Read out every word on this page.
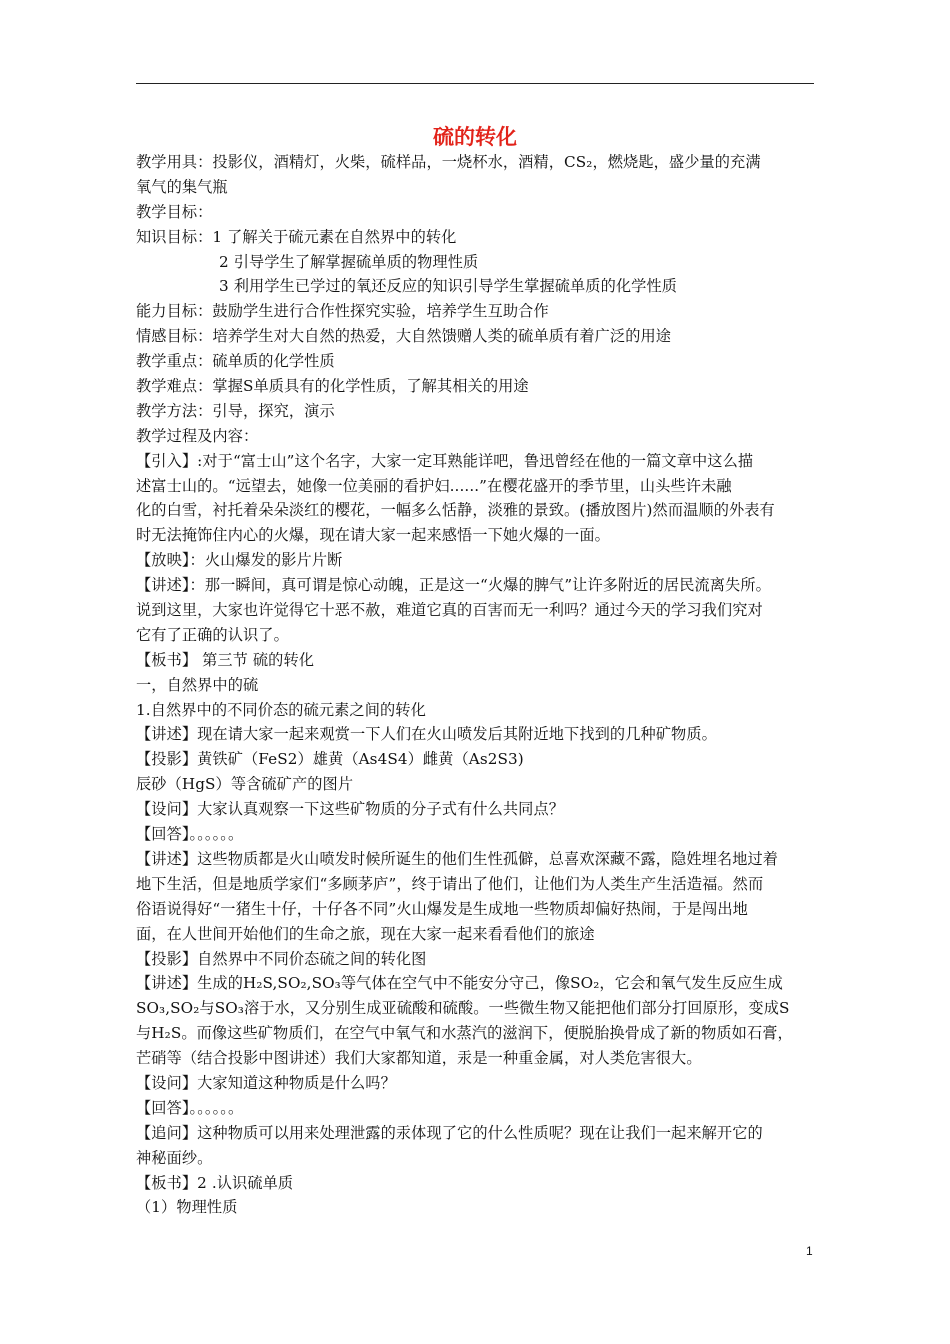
硫的转化
教学用具：投影仪，酒精灯，火柴，硫样品，一烧杯水，酒精，CS₂，燃烧匙，盛少量的充满
氧气的集气瓶
教学目标：
知识目标：1 了解关于硫元素在自然界中的转化
2 引导学生了解掌握硫单质的物理性质
3 利用学生已学过的氧还反应的知识引导学生掌握硫单质的化学性质
能力目标：鼓励学生进行合作性探究实验，培养学生互助合作
情感目标：培养学生对大自然的热爱，大自然馈赠人类的硫单质有着广泛的用途
教学重点：硫单质的化学性质
教学难点：掌握S单质具有的化学性质，了解其相关的用途
教学方法：引导，探究，演示
教学过程及内容：
【引入】:对于“富士山”这个名字，大家一定耳熟能详吧，鲁迅曾经在他的一篇文章中这么描
述富士山的。“远望去，她像一位美丽的看护妇......”在樱花盛开的季节里，山头些许未融
化的白雪，衬托着朵朵淡红的樱花，一幅多么恬静，淡雅的景致。(播放图片)然而温顺的外表有
时无法掩饰住内心的火爆，现在请大家一起来感悟一下她火爆的一面。
【放映】：火山爆发的影片片断
【讲述】：那一瞬间，真可谓是惊心动魄，正是这一“火爆的脾气”让许多附近的居民流离失所。
说到这里，大家也许觉得它十恶不赦，难道它真的百害而无一利吗？通过今天的学习我们究对
它有了正确的认识了。
【板书】 第三节 硫的转化
一，自然界中的硫
1.自然界中的不同价态的硫元素之间的转化
【讲述】现在请大家一起来观赏一下人们在火山喷发后其附近地下找到的几种矿物质。
【投影】黄铁矿（FeS2）雄黄（As4S4）雌黄（As2S3)
辰砂（HgS）等含硫矿产的图片
【设问】大家认真观察一下这些矿物质的分子式有什么共同点？
【回答】。。。。。。
【讲述】这些物质都是火山喷发时候所诞生的他们生性孤僻，总喜欢深藏不露，隐姓埋名地过着
地下生活，但是地质学家们“多顾茅庐”，终于请出了他们，让他们为人类生产生活造福。然而
俗语说得好“一猪生十仔，十仔各不同”火山爆发是生成地一些物质却偏好热闹，于是闯出地
面，在人世间开始他们的生命之旅，现在大家一起来看看他们的旅途
【投影】自然界中不同价态硫之间的转化图
【讲述】生成的H₂S,SO₂,SO₃等气体在空气中不能安分守己，像SO₂，它会和氧气发生反应生成
SO₃,SO₂与SO₃溶于水，又分别生成亚硫酸和硫酸。一些微生物又能把他们部分打回原形，变成S
与H₂S。而像这些矿物质们，在空气中氧气和水蒸汽的滋润下，便脱胎换骨成了新的物质如石膏，
芒硝等（结合投影中图讲述）我们大家都知道，汞是一种重金属，对人类危害很大。
【设问】大家知道这种物质是什么吗？
【回答】。。。。。。
【追问】这种物质可以用来处理泄露的汞体现了它的什么性质呢？现在让我们一起来解开它的
神秘面纱。
【板书】2 .认识硫单质
（1）物理性质
1
